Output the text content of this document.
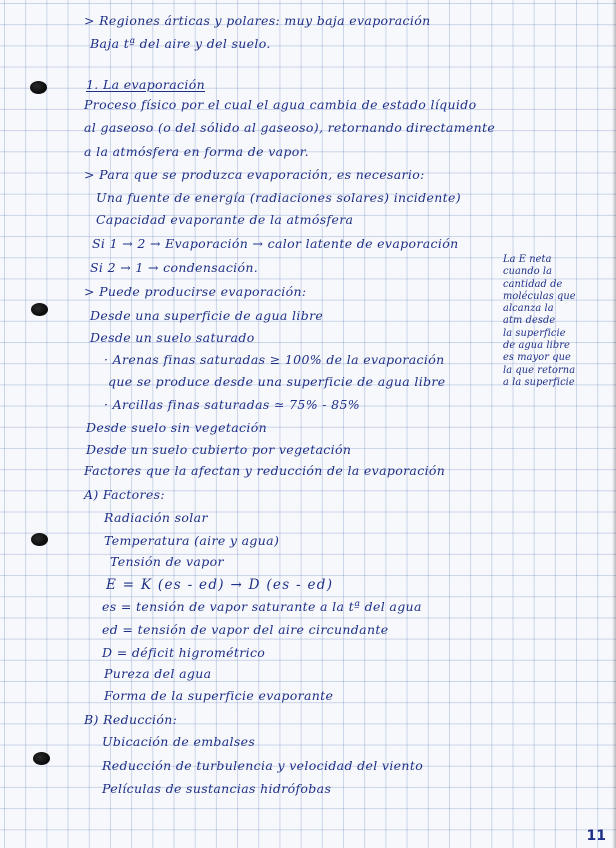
> Regiones árticas y polares: muy baja evaporación
Baja tª del aire y del suelo.
1. La evaporación
Proceso físico por el cual el agua cambia de estado líquido
al gaseoso (o del sólido al gaseoso), retornando directamente
a la atmósfera en forma de vapor.
> Para que se produzca evaporación, es necesario:
Una fuente de energía (radiaciones solares) incidente)
Capacidad evaporante de la atmósfera
Si 1 → 2 → Evaporación → calor latente de evaporación
Si 2 → 1 → condensación.
> Puede producirse evaporación:
Desde una superficie de agua libre
Desde un suelo saturado
· Arenas finas saturadas ≥ 100% de la evaporación
que se produce desde una superficie de agua libre
· Arcillas finas saturadas ≃ 75% - 85%
Desde suelo sin vegetación
Desde un suelo cubierto por vegetación
Factores que la afectan y reducción de la evaporación
A) Factores:
Radiación solar
Temperatura (aire y agua)
Tensión de vapor
E = K (es - ed) → D (es - ed)
es = tensión de vapor saturante a la tª del agua
ed = tensión de vapor del aire circundante
D = déficit higrométrico
Pureza del agua
Forma de la superficie evaporante
B) Reducción:
Ubicación de embalses
Reducción de turbulencia y velocidad del viento
Películas de sustancias hidrófobas
La E neta
cuando la
cantidad de
moléculas que
alcanza la
atm desde
la superficie
de agua libre
es mayor que
la que retorna
a la superficie
11
